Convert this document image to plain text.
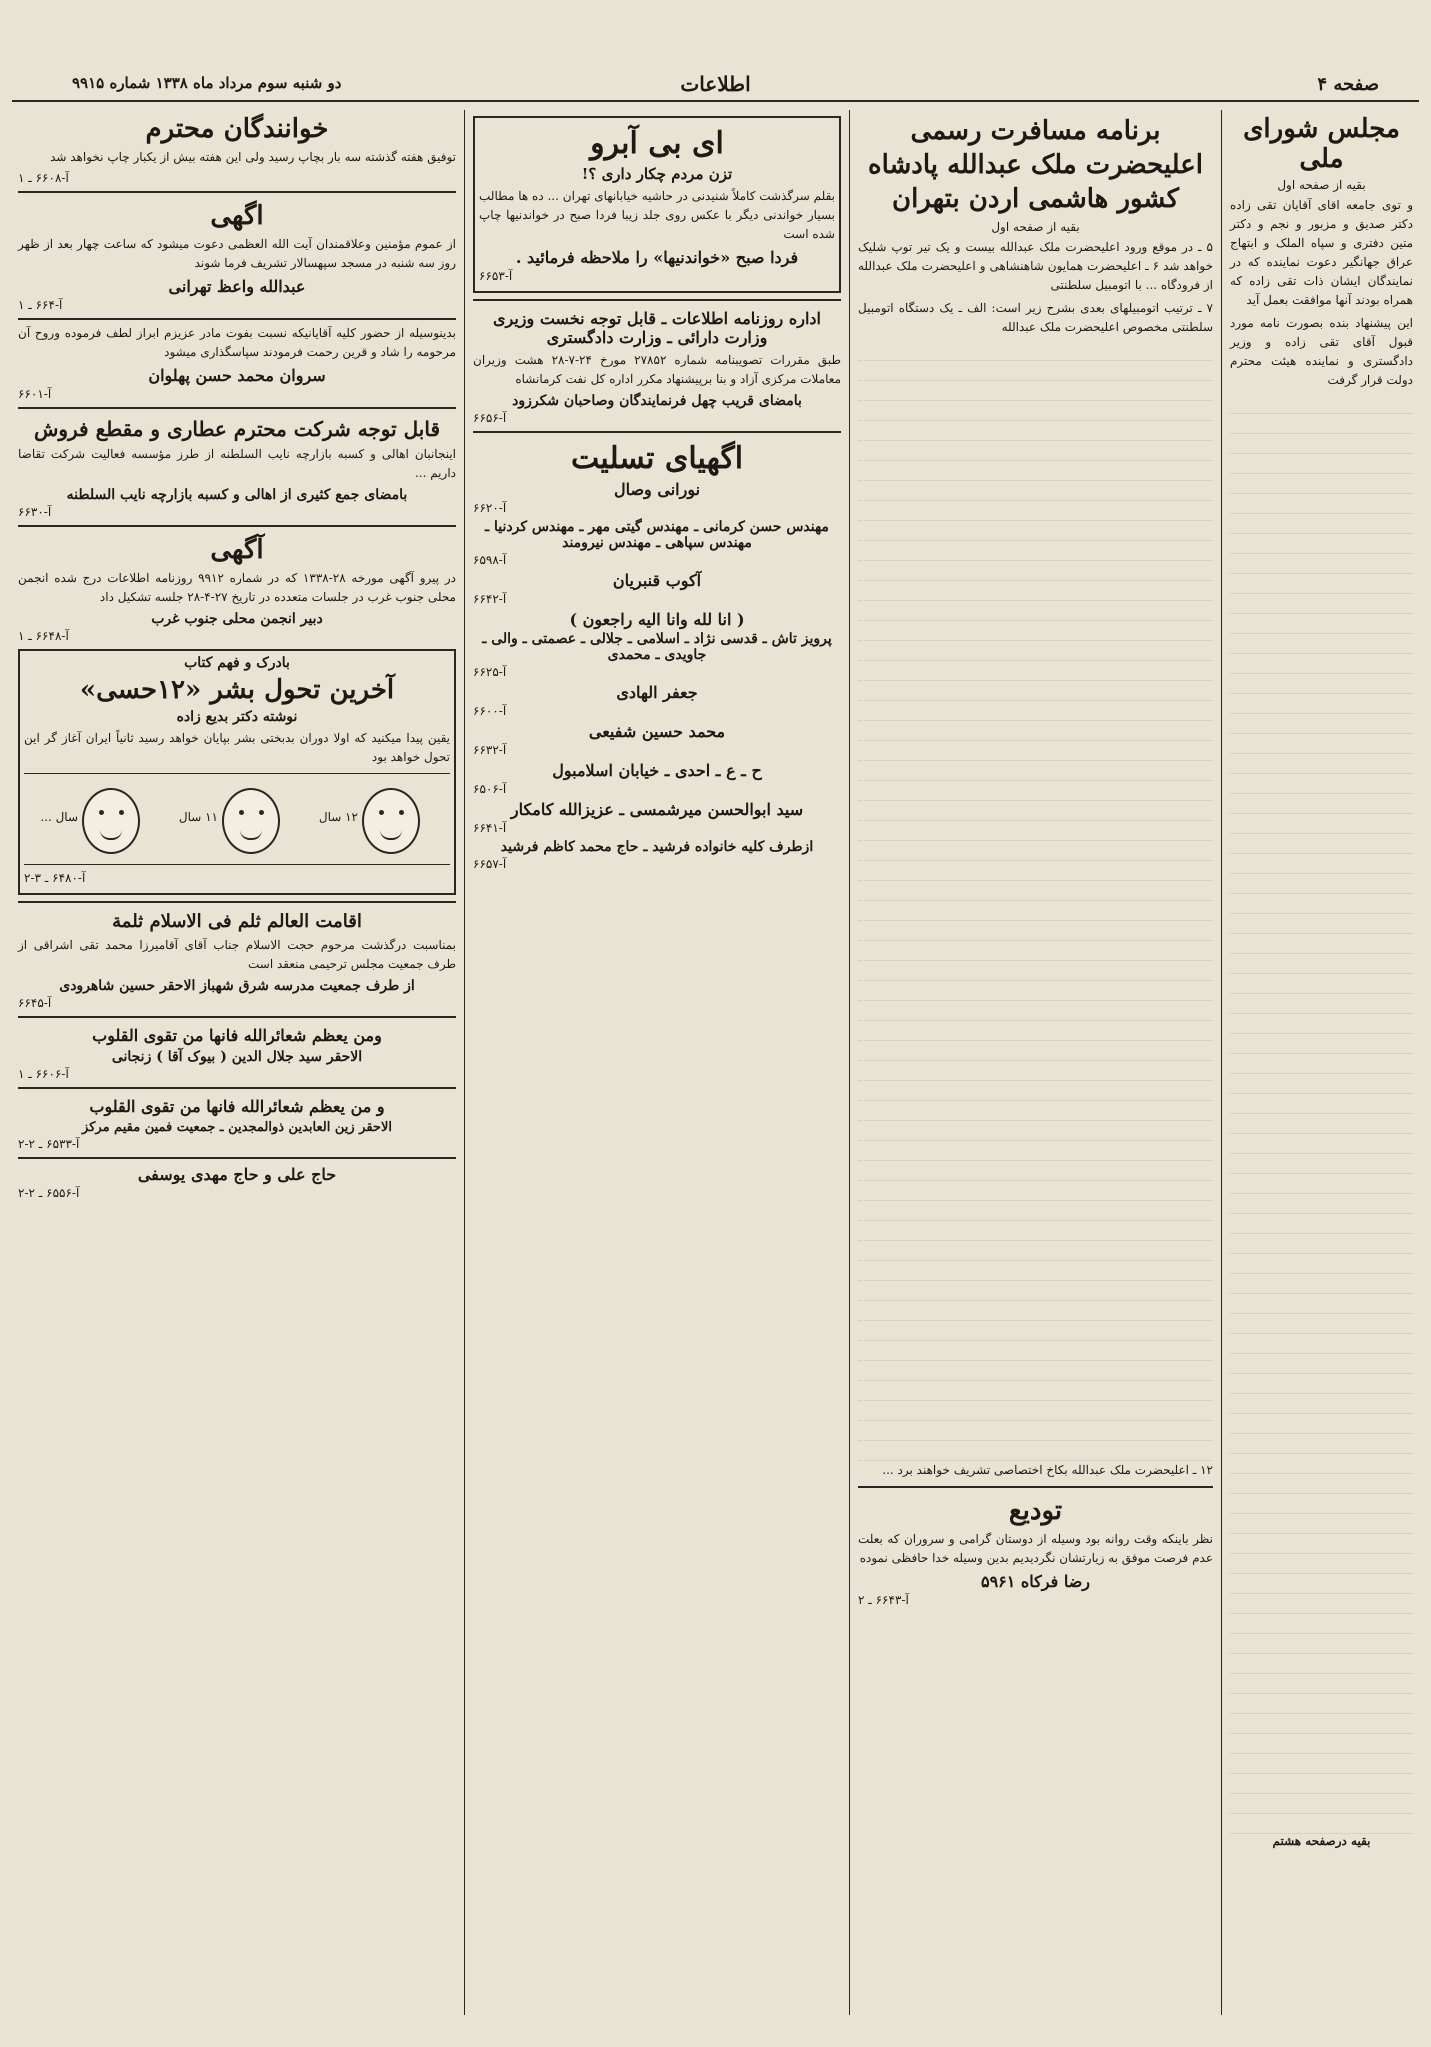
صفحه ۴
اطلاعات
دو شنبه سوم مرداد ماه ۱۳۳۸ شماره ۹۹۱۵
مجلس شورای ملی
بقیه از صفحه اول

و توی جامعه اقای آقایان تقی زاده دکتر صدیق و مزبور و نجم و دکتر متین دفتری و سپاه الملک و ابتهاج عراق جهانگیر دعوت نماینده که در نمایندگان ایشان ذات تقی زاده که همراه بودند آنها موافقت بعمل آید

این پیشنهاد بنده بصورت نامه مورد قبول آقای تقی زاده و وزیر دادگستری و نماینده هیئت محترم دولت قرار گرفت

بقیه درصفحه هشتم
برنامه مسافرت رسمی اعلیحضرت ملک عبدالله پادشاه کشور هاشمی اردن بتهران
بقیه از صفحه اول

۵ ـ در موقع ورود اعلیحضرت ملک عبدالله بیست و یک تیر توپ شلیک خواهد شد ۶ ـ اعلیحضرت همایون شاهنشاهی و اعلیحضرت ملک عبدالله از فرودگاه ... با اتومبیل سلطنتی

۷ ـ ترتیب اتومبیلهای بعدی بشرح زیر است: الف ـ یک دستگاه اتومبیل سلطنتی مخصوص اعلیحضرت ملک عبدالله

۱۲ ـ اعلیحضرت ملک عبدالله بکاخ اختصاصی تشریف خواهند برد ...

توديع

نظر باینکه وقت روانه بود وسیله از دوستان گرامی و سروران که بعلت عدم فرصت موفق به زیارتشان نگردیدیم بدین وسیله خدا حافظی نموده

رضا فرکاه ۵۹۶۱
آ-۶۶۴۳ ـ ۲
ای بی آبرو
تزن مردم چکار داری ؟!

بقلم سرگذشت کاملاً شنیدنی در حاشیه خیابانهای تهران ... ده ها مطالب بسیار خواندنی دیگر با عکس روی جلد زیبا فردا صبح در خواندنیها چاپ شده است

فردا صبح «خواندنیها» را ملاحظه فرمائید .
آ-۶۶۵۳
اداره روزنامه اطلاعات ـ قابل توجه نخست وزیری وزارت دارائی ـ وزارت دادگستری

طبق مقررات تصویبنامه شماره ۲۷۸۵۲ مورخ ۲۴-۷-۲۸ هشت وزیران معاملات مرکزی آزاد و بنا برپیشنهاد مکرر اداره کل نفت کرمانشاه

بامضای قریب چهل فرنمایندگان وصاحبان شکرزود
آ-۶۶۵۶
اگهیای تسلیت
نورانی وصال
آ-۶۶۲۰
مهندس حسن کرمانی ـ مهندس گیتی مهر ـ مهندس کردنیا ـ مهندس سپاهی ـ مهندس نیرومند
آ-۶۵۹۸
آکوب قنبریان
آ-۶۶۴۲
( انا لله وانا الیه راجعون )
پرویز تاش ـ قدسی نژاد ـ اسلامی ـ جلالی ـ عصمتی ـ والی ـ جاویدی ـ محمدی
آ-۶۶۲۵
جعفر الهادی
آ-۶۶۰۰
محمد حسین شفیعی
آ-۶۶۳۲
ح ـ ع ـ احدی ـ خیابان اسلامبول
آ-۶۵۰۶
سید ابوالحسن میرشمسی ـ عزیزالله کامکار
آ-۶۶۴۱
ازطرف کلیه خانواده فرشید ـ حاج محمد کاظم فرشید
آ-۶۶۵۷
خوانندگان محترم

توفیق هفته گذشته سه بار بچاپ رسید ولی این هفته بیش از یکبار چاپ نخواهد شد

آ-۶۶۰۸ ـ ۱
اگهی

از عموم مؤمنین وعلاقمندان آیت الله العظمی دعوت میشود که ساعت چهار بعد از ظهر روز سه شنبه در مسجد سپهسالار تشریف فرما شوند

عبدالله واعظ تهرانی
آ-۶۶۴ ـ ۱

بدینوسیله از حضور کلیه آقایانیکه نسبت بفوت مادر عزیزم ابراز لطف فرموده وروح آن مرحومه را شاد و قرین رحمت فرمودند سپاسگذاری میشود

سروان محمد حسن پهلوان
آ-۶۶۰۱
قابل توجه شرکت محترم عطاری و مقطع فروش

اینجانبان اهالی و کسبه بازارچه نایب السلطنه از طرز مؤسسه فعالیت شرکت تقاضا داریم ...

بامضای جمع کثیری از اهالی و کسبه بازارچه نایب السلطنه
آ-۶۶۳۰
آگهی

در پیرو آگهی مورخه ۲۸-۱۳۳۸ که در شماره ۹۹۱۲ روزنامه اطلاعات درج شده انجمن محلی جنوب غرب در جلسات متعدده در تاریخ ۲۷-۴-۲۸ جلسه تشکیل داد

دبیر انجمن محلی جنوب غرب
آ-۶۶۴۸ ـ ۱
بادرک و فهم کتاب
آخرین تحول بشر «۱۲حسی»
نوشته دکتر بدیع زاده

یقین پیدا میکنید که اولا دوران بدبختی بشر بپایان خواهد رسید ثانیاً ایران آغاز گر این تحول خواهد بود

۱۲ سال
۱۱ سال
سال ...
آ-۶۴۸۰ ـ ۳-۲
اقامت العالم ثلم فی الاسلام ثلمة

بمناسبت درگذشت مرحوم حجت الاسلام جناب آقای آقامیرزا محمد تقی اشراقی از طرف جمعیت مجلس ترحیمی منعقد است

از طرف جمعیت مدرسه شرق شهباز الاحقر حسین شاهرودی
آ-۶۶۴۵
ومن یعظم شعائرالله فانها من تقوی القلوب
الاحقر سید جلال الدین ( بیوک آقا ) زنجانی
آ-۶۶۰۶ ـ ۱
و من یعظم شعائرالله فانها من تقوی القلوب
الاحقر زین العابدین ذوالمجدین ـ جمعیت فمین مقیم مرکز
آ-۶۵۳۳ ـ ۲-۲
حاج علی و حاج مهدی یوسفی
آ-۶۵۵۶ ـ ۲-۲
